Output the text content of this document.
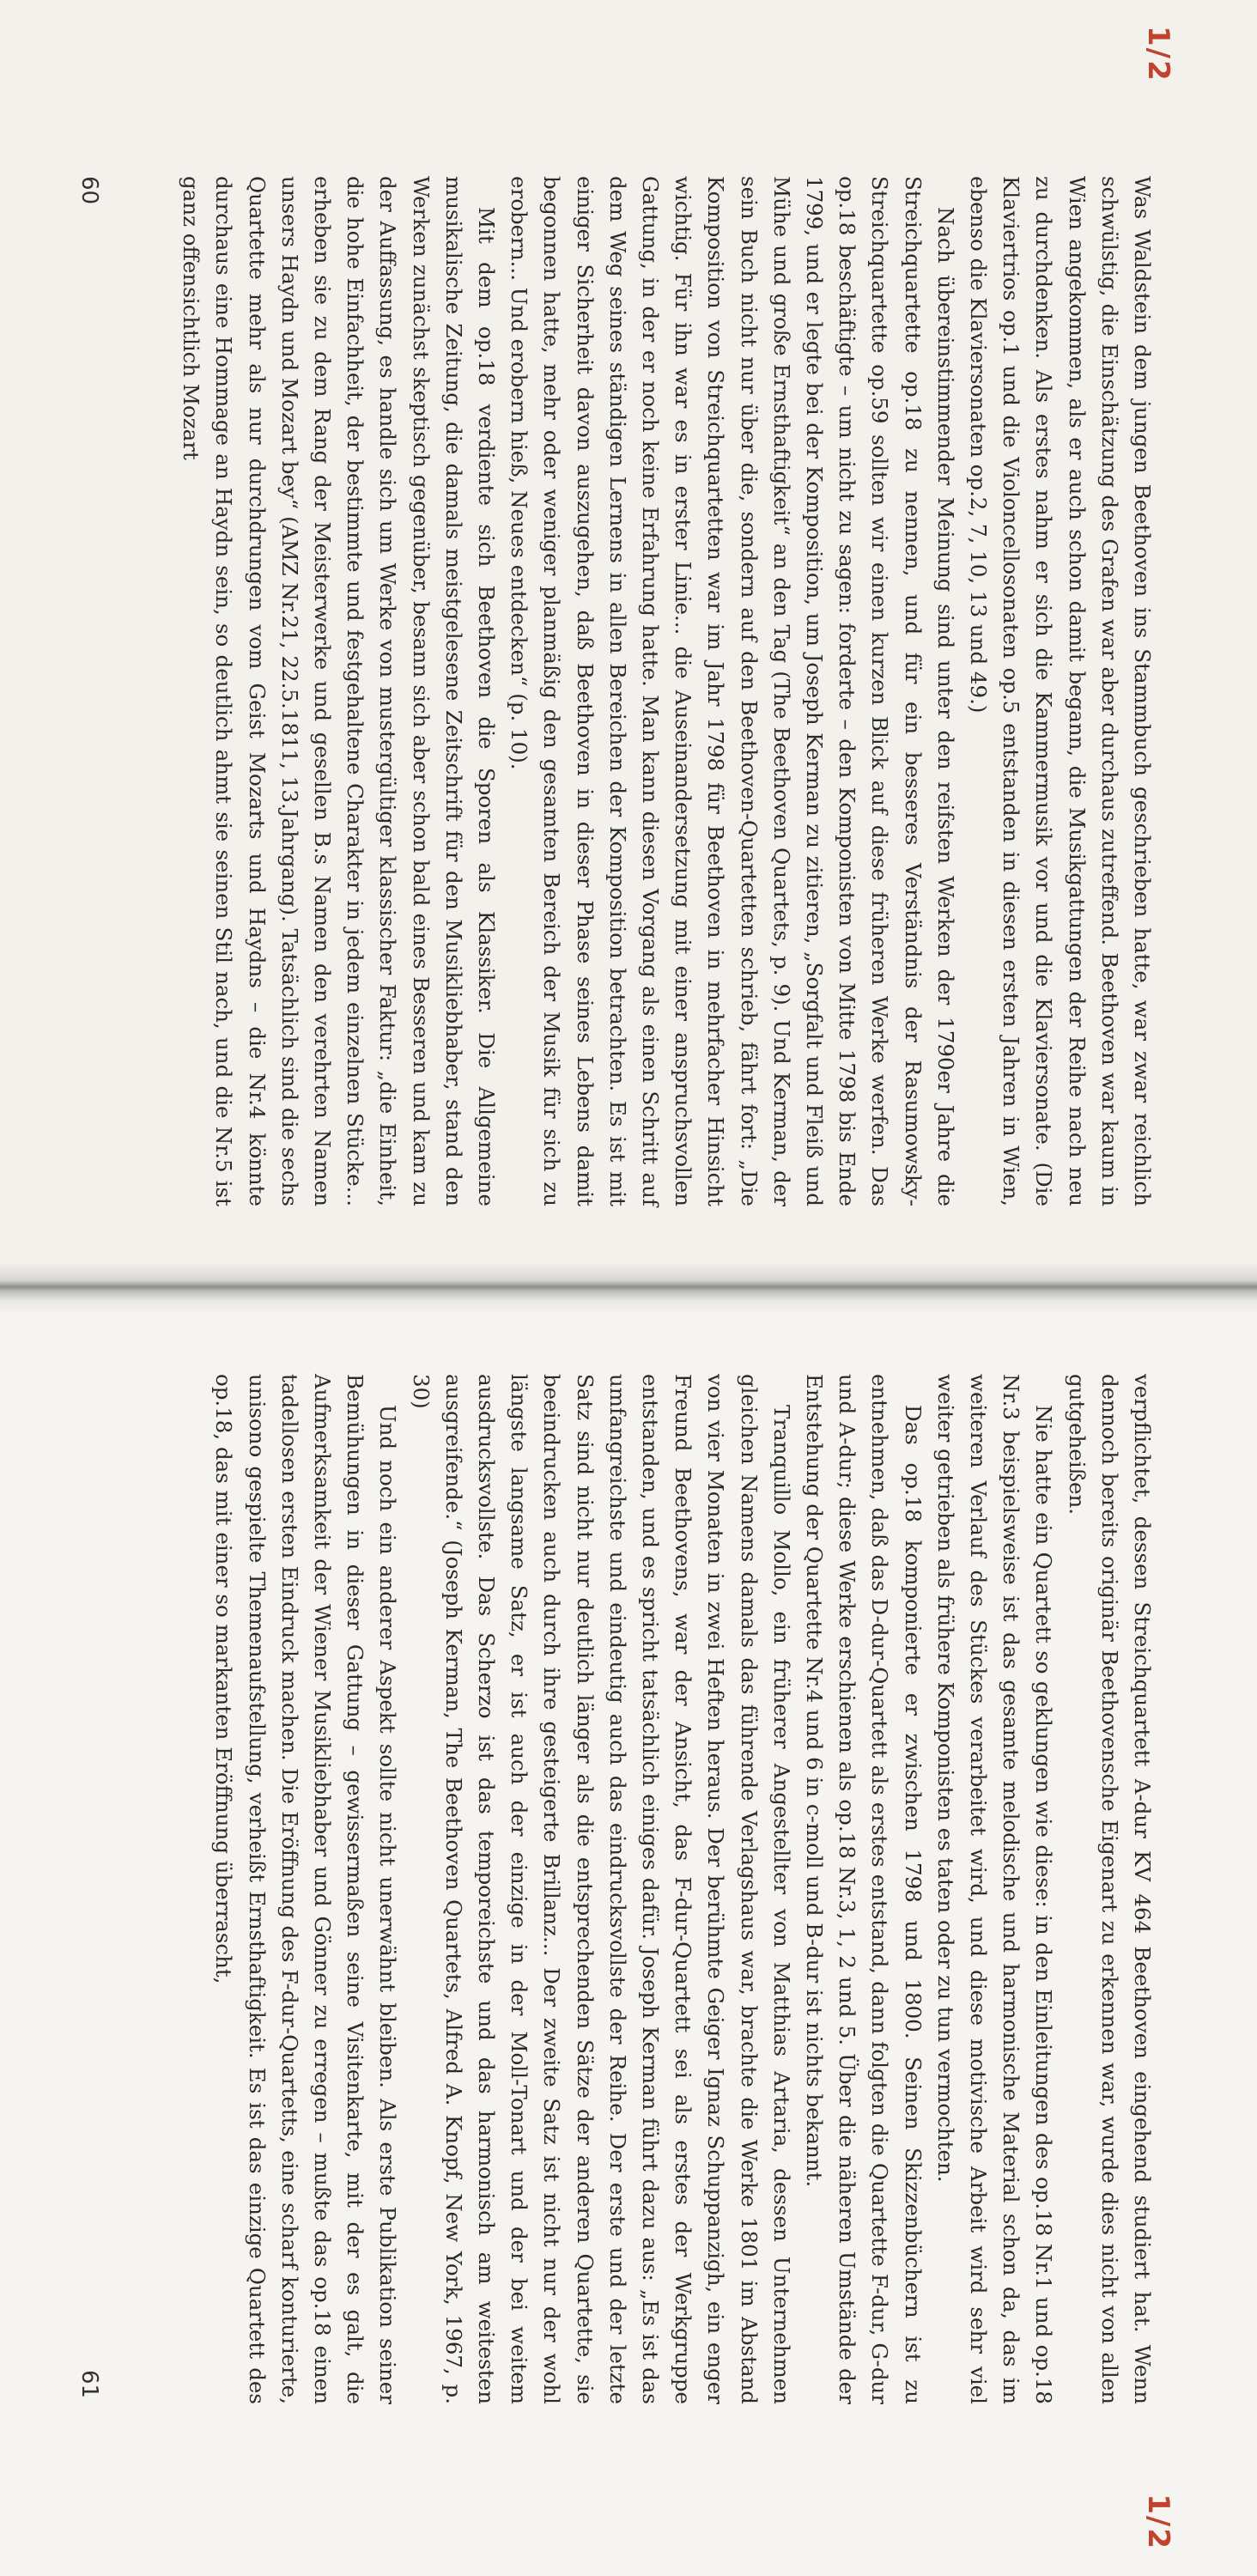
1/2

Was Waldstein dem jungen Beethoven ins Stammbuch geschrieben hatte, war zwar reichlich schwülstig, die Einschätzung des Grafen war aber durchaus zutreffend. Beethoven war kaum in Wien angekommen, als er auch schon damit begann, die Musikgattungen der Reihe nach neu zu durchdenken. Als erstes nahm er sich die Kammermusik vor und die Klaviersonate. (Die Klaviertrios op.1 und die Violoncellosonaten op.5 entstanden in diesen ersten Jahren in Wien, ebenso die Klaviersonaten op.2, 7, 10, 13 und 49.)

Nach übereinstimmender Meinung sind unter den reifsten Werken der 1790er Jahre die Streichquartette op.18 zu nennen, und für ein besseres Verständnis der Rasumowsky-Streichquartette op.59 sollten wir einen kurzen Blick auf diese früheren Werke werfen. Das op.18 beschäftigte – um nicht zu sagen: forderte – den Komponisten von Mitte 1798 bis Ende 1799, und er legte bei der Komposition, um Joseph Kerman zu zitieren, „Sorgfalt und Fleiß und Mühe und große Ernsthaftigkeit“ an den Tag (The Beethoven Quartets, p. 9). Und Kerman, der sein Buch nicht nur über die, sondern auf den Beethoven-Quartetten schrieb, fährt fort: „Die Komposition von Streichquartetten war im Jahr 1798 für Beethoven in mehrfacher Hinsicht wichtig. Für ihn war es in erster Linie... die Auseinandersetzung mit einer anspruchsvollen Gattung, in der er noch keine Erfahrung hatte. Man kann diesen Vorgang als einen Schritt auf dem Weg seines ständigen Lernens in allen Bereichen der Komposition betrachten. Es ist mit einiger Sicherheit davon auszugehen, daß Beethoven in dieser Phase seines Lebens damit begonnen hatte, mehr oder weniger planmäßig den gesamten Bereich der Musik für sich zu erobern... Und erobern hieß, Neues entdecken“ (p. 10).

Mit dem op.18 verdiente sich Beethoven die Sporen als Klassiker. Die Allgemeine musikalische Zeitung, die damals meistgelesene Zeitschrift für den Musikliebhaber, stand den Werken zunächst skeptisch gegenüber, besann sich aber schon bald eines Besseren und kam zu der Auffassung, es handle sich um Werke von mustergültiger klassischer Faktur: „die Einheit, die hohe Einfachheit, der bestimmte und festgehaltene Charakter in jedem einzelnen Stücke... erheben sie zu dem Rang der Meisterwerke und gesellen B.s Namen den verehrten Namen unsers Haydn und Mozart bey“ (AMZ Nr.21, 22.5.1811, 13.Jahrgang). Tatsächlich sind die sechs Quartette mehr als nur durchdrungen vom Geist Mozarts und Haydns – die Nr.4 könnte durchaus eine Hommage an Haydn sein, so deutlich ahmt sie seinen Stil nach, und die Nr.5 ist ganz offensichtlich Mozart

60
1/2

verpflichtet, dessen Streichquartett A-dur KV 464 Beethoven eingehend studiert hat. Wenn dennoch bereits originär Beethovensche Eigenart zu erkennen war, wurde dies nicht von allen gutgeheißen.

Nie hatte ein Quartett so geklungen wie diese: in den Einleitungen des op.18 Nr.1 und op.18 Nr.3 beispielsweise ist das gesamte melodische und harmonische Material schon da, das im weiteren Verlauf des Stückes verarbeitet wird, und diese motivische Arbeit wird sehr viel weiter getrieben als frühere Komponisten es taten oder zu tun vermochten.

Das op.18 komponierte er zwischen 1798 und 1800. Seinen Skizzenbüchern ist zu entnehmen, daß das D-dur-Quartett als erstes entstand, dann folgten die Quartette F-dur, G-dur und A-dur; diese Werke erschienen als op.18 Nr.3, 1, 2 und 5. Über die näheren Umstände der Entstehung der Quartette Nr.4 und 6 in c-moll und B-dur ist nichts bekannt.

Tranquillo Mollo, ein früherer Angestellter von Matthias Artaria, dessen Unternehmen gleichen Namens damals das führende Verlagshaus war, brachte die Werke 1801 im Abstand von vier Monaten in zwei Heften heraus. Der berühmte Geiger Ignaz Schuppanzigh, ein enger Freund Beethovens, war der Ansicht, das F-dur-Quartett sei als erstes der Werkgruppe entstanden, und es spricht tatsächlich einiges dafür. Joseph Kerman führt dazu aus: „Es ist das umfangreichste und eindeutig auch das eindrucksvollste der Reihe. Der erste und der letzte Satz sind nicht nur deutlich länger als die entsprechenden Sätze der anderen Quartette, sie beeindrucken auch durch ihre gesteigerte Brillanz... Der zweite Satz ist nicht nur der wohl längste langsame Satz, er ist auch der einzige in der Moll-Tonart und der bei weitem ausdrucksvollste. Das Scherzo ist das temporeichste und das harmonisch am weitesten ausgreifende.“ (Joseph Kerman, The Beethoven Quartets, Alfred A. Knopf, New York, 1967, p. 30)

Und noch ein anderer Aspekt sollte nicht unerwähnt bleiben. Als erste Publikation seiner Bemühungen in dieser Gattung – gewissermaßen seine Visitenkarte, mit der es galt, die Aufmerksamkeit der Wiener Musikliebhaber und Gönner zu erregen – mußte das op.18 einen tadellosen ersten Eindruck machen. Die Eröffnung des F-dur-Quartetts, eine scharf konturierte, unisono gespielte Themenaufstellung, verheißt Ernsthaftigkeit. Es ist das einzige Quartett des op.18, das mit einer so markanten Eröffnung überrascht,

61
